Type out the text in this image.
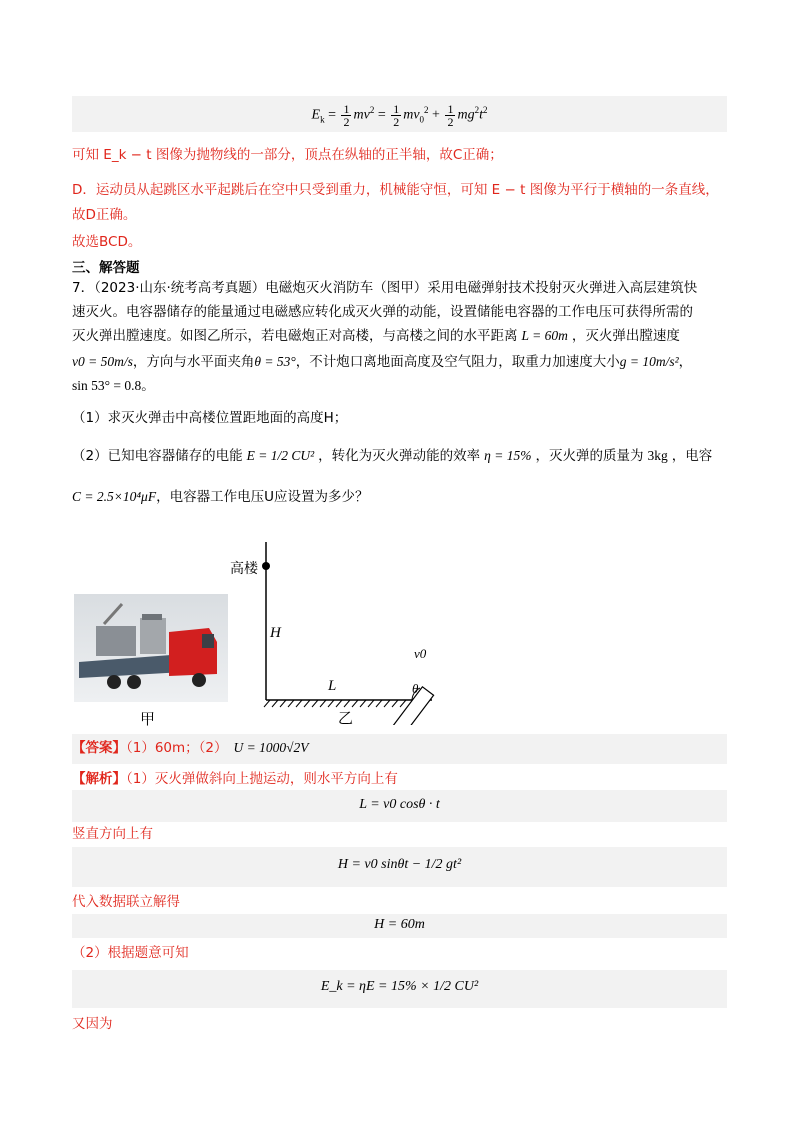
$E_k = \frac{1}{2} mv^2 = \frac{1}{2} mv_0^2 + \frac{1}{2} mg^2t^2$
可知 E_k − t 图像为抛物线的一部分，顶点在纵轴的正半轴，故C正确；
D．运动员从起跳区水平起跳后在空中只受到重力，机械能守恒，可知 E − t 图像为平行于横轴的一条直线，
故D正确。
故选BCD。
三、解答题
7．（2023·山东·统考高考真题）电磁炮灭火消防车（图甲）采用电磁弹射技术投射灭火弹进入高层建筑快
速灭火。电容器储存的能量通过电磁感应转化成灭火弹的动能，设置储能电容器的工作电压可获得所需的
灭火弹出膛速度。如图乙所示，若电磁炮正对高楼，与高楼之间的水平距离 L = 60m ，灭火弹出膛速度
v0 = 50m/s，方向与水平面夹角θ = 53°，不计炮口离地面高度及空气阻力，取重力加速度大小g = 10m/s²，
sin 53° = 0.8。
（1）求灭火弹击中高楼位置距地面的高度H；
（2）已知电容器储存的电能 E = 1/2 CU² ，转化为灭火弹动能的效率 η = 15% ，灭火弹的质量为 3kg ，电容
C = 2.5×10⁴μF，电容器工作电压U应设置为多少？
甲
高楼
H
L
v0
θ
乙
【答案】（1）60m；（2） U = 1000√2V
【解析】（1）灭火弹做斜向上抛运动，则水平方向上有
L = v0 cosθ · t
竖直方向上有
H = v0 sinθt − 1/2 gt²
代入数据联立解得
H = 60m
（2）根据题意可知
E_k = ηE = 15% × 1/2 CU²
又因为
